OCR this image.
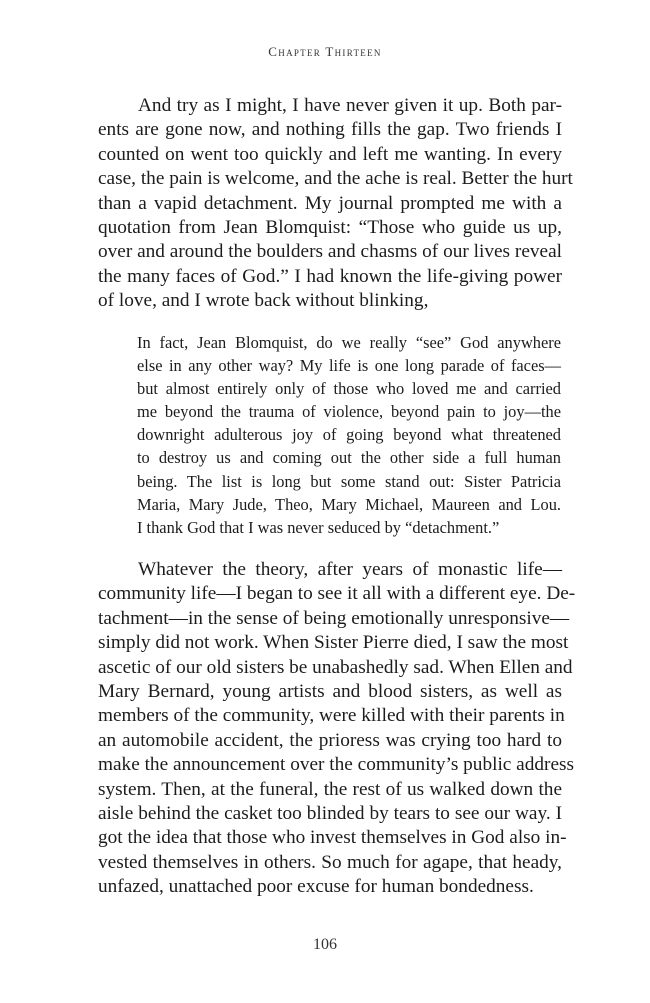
Chapter Thirteen
And try as I might, I have never given it up. Both par-
ents are gone now, and nothing fills the gap. Two friends I
counted on went too quickly and left me wanting. In every
case, the pain is welcome, and the ache is real. Better the hurt
than a vapid detachment. My journal prompted me with a
quotation from Jean Blomquist: “Those who guide us up,
over and around the boulders and chasms of our lives reveal
the many faces of God.” I had known the life-giving power
of love, and I wrote back without blinking,
In fact, Jean Blomquist, do we really “see” God anywhere
else in any other way? My life is one long parade of faces—
but almost entirely only of those who loved me and carried
me beyond the trauma of violence, beyond pain to joy—the
downright adulterous joy of going beyond what threatened
to destroy us and coming out the other side a full human
being. The list is long but some stand out: Sister Patricia
Maria, Mary Jude, Theo, Mary Michael, Maureen and Lou.
I thank God that I was never seduced by “detachment.”
Whatever the theory, after years of monastic life—
community life—I began to see it all with a different eye. De-
tachment—in the sense of being emotionally unresponsive—
simply did not work. When Sister Pierre died, I saw the most
ascetic of our old sisters be unabashedly sad. When Ellen and
Mary Bernard, young artists and blood sisters, as well as
members of the community, were killed with their parents in
an automobile accident, the prioress was crying too hard to
make the announcement over the community’s public address
system. Then, at the funeral, the rest of us walked down the
aisle behind the casket too blinded by tears to see our way. I
got the idea that those who invest themselves in God also in-
vested themselves in others. So much for agape, that heady,
unfazed, unattached poor excuse for human bondedness.
106
